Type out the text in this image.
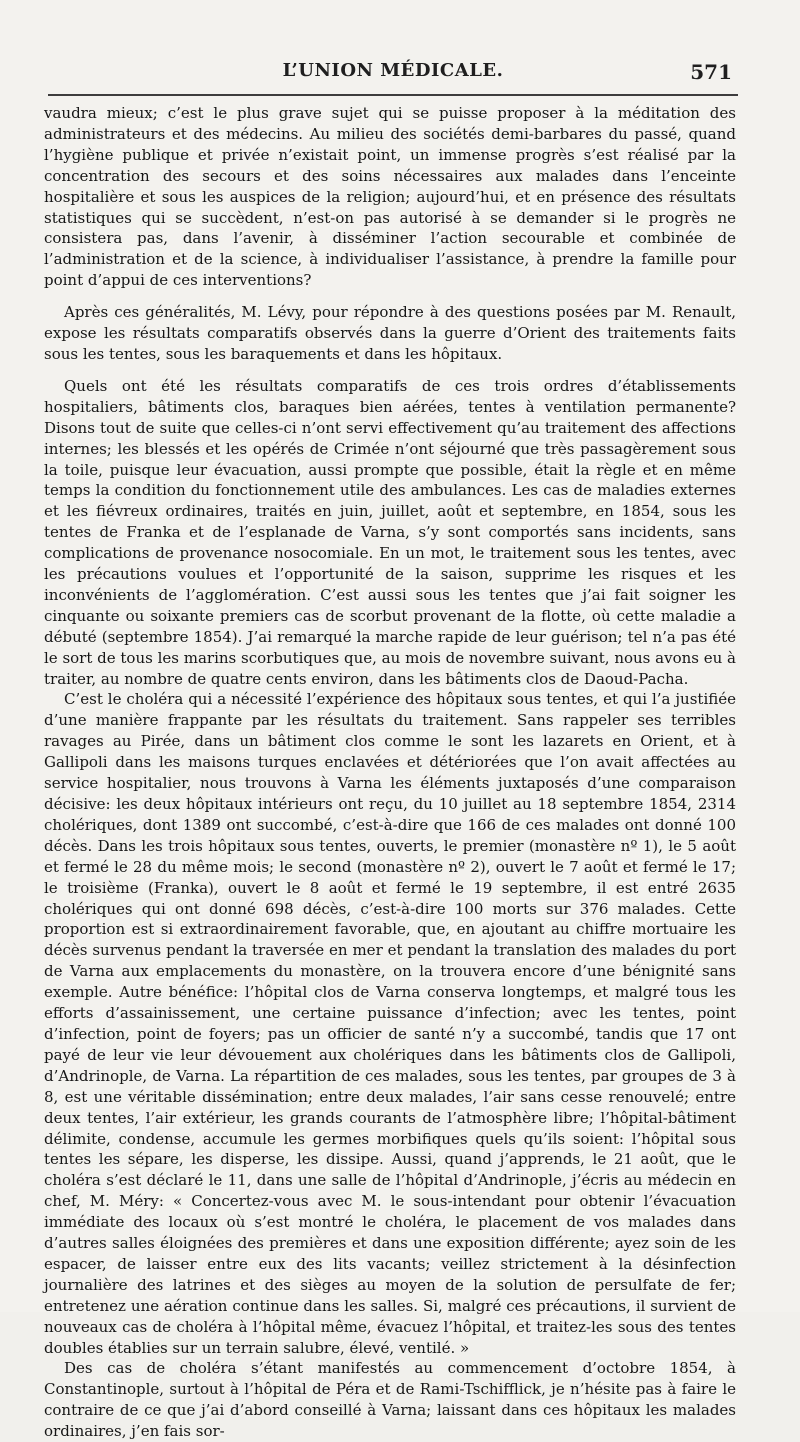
L’UNION MÉDICALE.	571

vaudra mieux; c’est le plus grave sujet qui se puisse proposer à la méditation des administrateurs et des médecins. Au milieu des sociétés demi-barbares du passé, quand l’hygiène publique et privée n’existait point, un immense progrès s’est réalisé par la concentration des secours et des soins nécessaires aux malades dans l’enceinte hospitalière et sous les auspices de la religion; aujourd’hui, et en présence des résultats statistiques qui se succèdent, n’est-on pas autorisé à se demander si le progrès ne consistera pas, dans l’avenir, à disséminer l’action secourable et combinée de l’administration et de la science, à individualiser l’assistance, à prendre la famille pour point d’appui de ces interventions?

Après ces généralités, M. Lévy, pour répondre à des questions posées par M. Renault, expose les résultats comparatifs observés dans la guerre d’Orient des traitements faits sous les tentes, sous les baraquements et dans les hôpitaux.

Quels ont été les résultats comparatifs de ces trois ordres d’établissements hospitaliers, bâtiments clos, baraques bien aérées, tentes à ventilation permanente? Disons tout de suite que celles-ci n’ont servi effectivement qu’au traitement des affections internes; les blessés et les opérés de Crimée n’ont séjourné que très passagèrement sous la toile, puisque leur évacuation, aussi prompte que possible, était la règle et en même temps la condition du fonctionnement utile des ambulances. Les cas de maladies externes et les fiévreux ordinaires, traités en juin, juillet, août et septembre, en 1854, sous les tentes de Franka et de l’esplanade de Varna, s’y sont comportés sans incidents, sans complications de provenance nosocomiale. En un mot, le traitement sous les tentes, avec les précautions voulues et l’opportunité de la saison, supprime les risques et les inconvénients de l’agglomération. C’est aussi sous les tentes que j’ai fait soigner les cinquante ou soixante premiers cas de scorbut provenant de la flotte, où cette maladie a débuté (septembre 1854). J’ai remarqué la marche rapide de leur guérison; tel n’a pas été le sort de tous les marins scorbutiques que, au mois de novembre suivant, nous avons eu à traiter, au nombre de quatre cents environ, dans les bâtiments clos de Daoud-Pacha.

C’est le choléra qui a nécessité l’expérience des hôpitaux sous tentes, et qui l’a justifiée d’une manière frappante par les résultats du traitement. Sans rappeler ses terribles ravages au Pirée, dans un bâtiment clos comme le sont les lazarets en Orient, et à Gallipoli dans les maisons turques enclavées et détériorées que l’on avait affectées au service hospitalier, nous trouvons à Varna les éléments juxtaposés d’une comparaison décisive: les deux hôpitaux intérieurs ont reçu, du 10 juillet au 18 septembre 1854, 2314 cholériques, dont 1389 ont succombé, c’est-à-dire que 166 de ces malades ont donné 100 décès. Dans les trois hôpitaux sous tentes, ouverts, le premier (monastère nº 1), le 5 août et fermé le 28 du même mois; le second (monastère nº 2), ouvert le 7 août et fermé le 17; le troisième (Franka), ouvert le 8 août et fermé le 19 septembre, il est entré 2635 cholériques qui ont donné 698 décès, c’est-à-dire 100 morts sur 376 malades. Cette proportion est si extraordinairement favorable, que, en ajoutant au chiffre mortuaire les décès survenus pendant la traversée en mer et pendant la translation des malades du port de Varna aux emplacements du monastère, on la trouvera encore d’une bénignité sans exemple. Autre bénéfice: l’hôpital clos de Varna conserva longtemps, et malgré tous les efforts d’assainissement, une certaine puissance d’infection; avec les tentes, point d’infection, point de foyers; pas un officier de santé n’y a succombé, tandis que 17 ont payé de leur vie leur dévouement aux cholériques dans les bâtiments clos de Gallipoli, d’Andrinople, de Varna. La répartition de ces malades, sous les tentes, par groupes de 3 à 8, est une véritable dissémination; entre deux malades, l’air sans cesse renouvelé; entre deux tentes, l’air extérieur, les grands courants de l’atmosphère libre; l’hôpital-bâtiment délimite, condense, accumule les germes morbifiques quels qu’ils soient: l’hôpital sous tentes les sépare, les disperse, les dissipe. Aussi, quand j’apprends, le 21 août, que le choléra s’est déclaré le 11, dans une salle de l’hôpital d’Andrinople, j’écris au médecin en chef, M. Méry: « Concertez-vous avec M. le sous-intendant pour obtenir l’évacuation immédiate des locaux où s’est montré le choléra, le placement de vos malades dans d’autres salles éloignées des premières et dans une exposition différente; ayez soin de les espacer, de laisser entre eux des lits vacants; veillez strictement à la désinfection journalière des latrines et des sièges au moyen de la solution de persulfate de fer; entretenez une aération continue dans les salles. Si, malgré ces précautions, il survient de nouveaux cas de choléra à l’hôpital même, évacuez l’hôpital, et traitez-les sous des tentes doubles établies sur un terrain salubre, élevé, ventilé. »

Des cas de choléra s’étant manifestés au commencement d’octobre 1854, à Constantinople, surtout à l’hôpital de Péra et de Rami-Tschifflick, je n’hésite pas à faire le contraire de ce que j’ai d’abord conseillé à Varna; laissant dans ces hôpitaux les malades ordinaires, j’en fais sor-
